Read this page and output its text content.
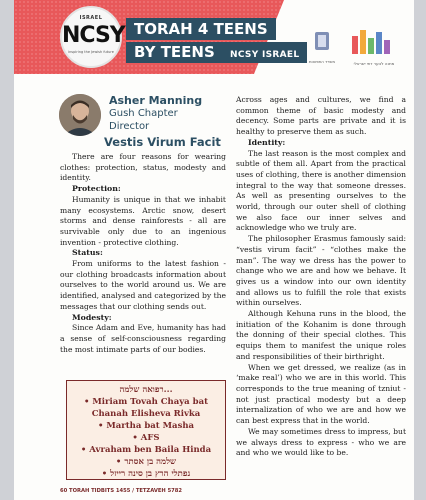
ISRAEL
NCSY
inspiring the Jewish future
TORAH 4 TEENS
BY TEENS NCSY ISRAEL
משרד התפוצות	מתנה לנוער דתי ישראלי
Asher Manning
Gush Chapter
Director
Vestis Virum Facit

There are four reasons for wearing clothes: protection, status, modesty and identity.

Protection:

Humanity is unique in that we inhabit many ecosystems. Arctic snow, desert storms and dense rainforests - all are survivable only due to an ingenious invention - protective clothing.

Status:

From uniforms to the latest fashion - our clothing broadcasts information about ourselves to the world around us. We are identified, analysed and categorized by the messages that our clothing sends out.

Modesty:

Since Adam and Eve, humanity has had a sense of self-consciousness regarding the most intimate parts of our bodies.

Across ages and cultures, we find a common theme of basic modesty and decency. Some parts are private and it is healthy to preserve them as such.

Identity:

The last reason is the most complex and subtle of them all. Apart from the practical uses of clothing, there is another dimension integral to the way that someone dresses. As well as presenting ourselves to the world, through our outer shell of clothing we also face our inner selves and acknowledge who we truly are.

The philosopher Erasmus famously said: “vestis virum facit” - “clothes make the man”. The way we dress has the power to change who we are and how we behave. It gives us a window into our own identity and allows us to fulfill the role that exists within ourselves.

Although Kehuna runs in the blood, the initiation of the Kohanim is done through the donning of their special clothes. This equips them to manifest the unique roles and responsibilities of their birthright.

When we get dressed, we realize (as in ‘make real’) who we are in this world. This corresponds to the true meaning of tzniut - not just practical modesty but a deep internalization of who we are and how we can best express that in the world.

We may sometimes dress to impress, but we always dress to express - who we are and who we would like to be.

רפואה שלמה...
• Miriam Tovah Chaya bat
Chanah Elisheva Rivka
• Martha bat Masha
• AFS
• Avraham ben Baila Hinda
• שלמה בן אסתר
• נפתלי הרץ בן סינה רייזל
60 TORAH TIDBITS 1455 / TETZAVEH 5782
